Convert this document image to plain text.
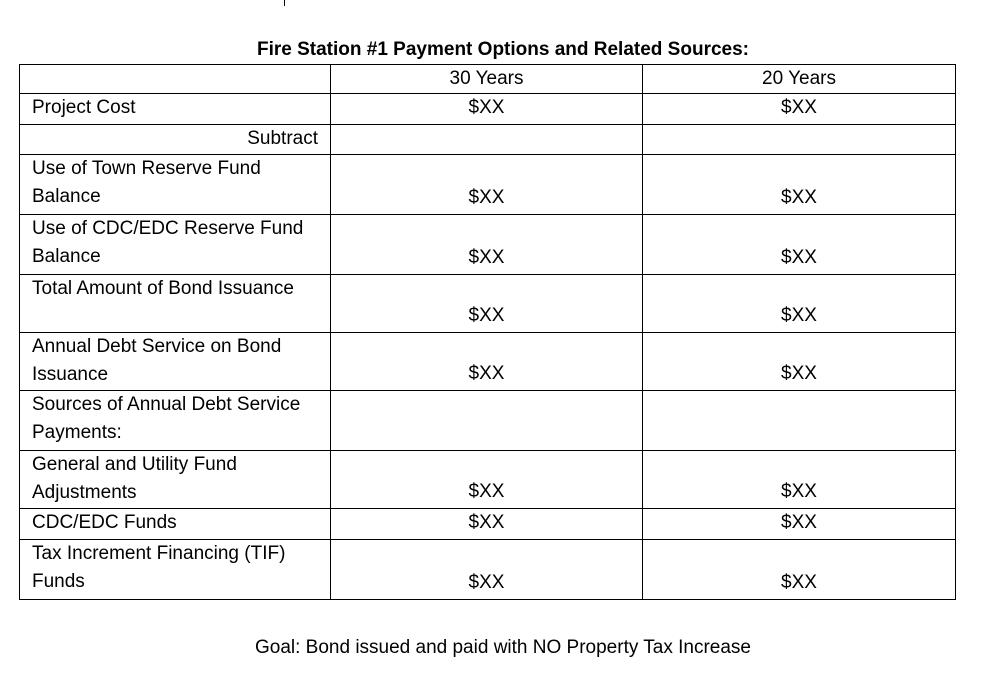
Fire Station #1 Payment Options and Related Sources:
	30 Years	20 Years
Project Cost	$XX	$XX
Subtract		
Use of Town Reserve Fund Balance	$XX	$XX
Use of CDC/EDC Reserve Fund Balance	$XX	$XX
Total Amount of Bond Issuance	$XX	$XX
Annual Debt Service on Bond Issuance	$XX	$XX
Sources of Annual Debt Service Payments:		
General and Utility Fund Adjustments	$XX	$XX
CDC/EDC Funds	$XX	$XX
Tax Increment Financing (TIF) Funds	$XX	$XX
Goal: Bond issued and paid with NO Property Tax Increase
